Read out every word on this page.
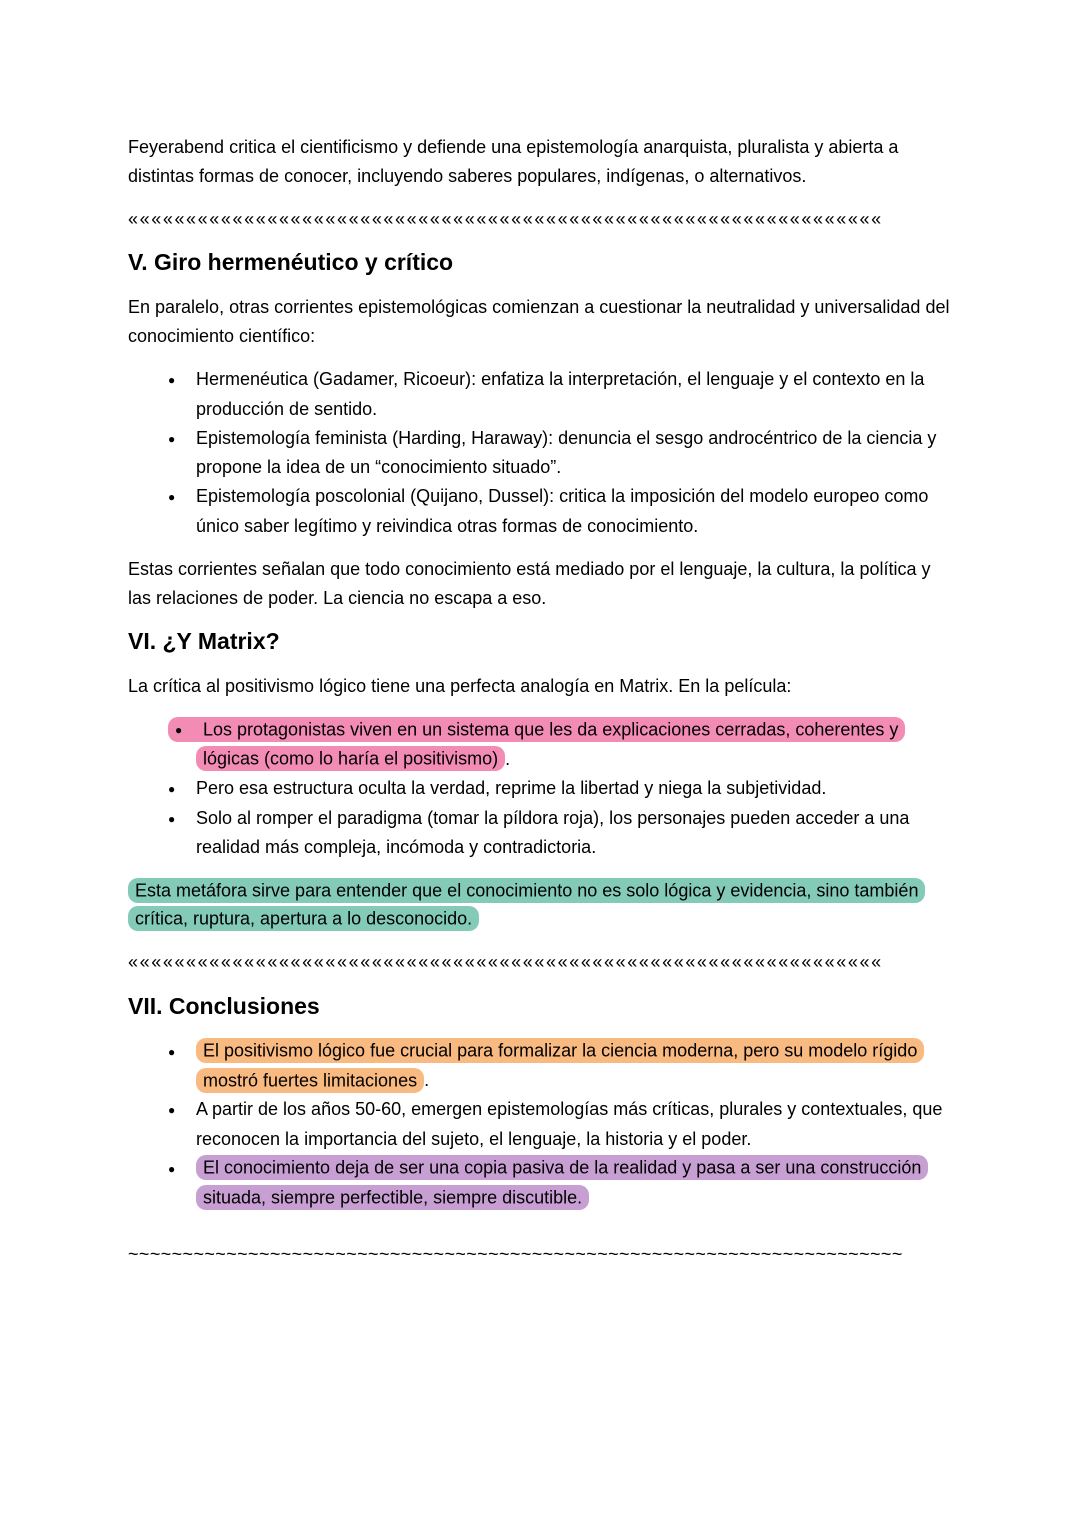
Feyerabend critica el cientificismo y defiende una epistemología anarquista, pluralista y abierta a distintas formas de conocer, incluyendo saberes populares, indígenas, o alternativos.

«««««««««««««««««««««««««««««««««««««««««««««««««««««««««««««««««

V. Giro hermenéutico y crítico

En paralelo, otras corrientes epistemológicas comienzan a cuestionar la neutralidad y universalidad del conocimiento científico:

● Hermenéutica (Gadamer, Ricoeur): enfatiza la interpretación, el lenguaje y el contexto en la producción de sentido.
● Epistemología feminista (Harding, Haraway): denuncia el sesgo androcéntrico de la ciencia y propone la idea de un “conocimiento situado”.
● Epistemología poscolonial (Quijano, Dussel): critica la imposición del modelo europeo como único saber legítimo y reivindica otras formas de conocimiento.

Estas corrientes señalan que todo conocimiento está mediado por el lenguaje, la cultura, la política y las relaciones de poder. La ciencia no escapa a eso.

VI. ¿Y Matrix?

La crítica al positivismo lógico tiene una perfecta analogía en Matrix. En la película:

● Los protagonistas viven en un sistema que les da explicaciones cerradas, coherentes y lógicas (como lo haría el positivismo) .
● Pero esa estructura oculta la verdad, reprime la libertad y niega la subjetividad.
● Solo al romper el paradigma (tomar la píldora roja), los personajes pueden acceder a una realidad más compleja, incómoda y contradictoria.

Esta metáfora sirve para entender que el conocimiento no es solo lógica y evidencia, sino también crítica, ruptura, apertura a lo desconocido.

«««««««««««««««««««««««««««««««««««««««««««««««««««««««««««««««««

VII. Conclusiones
● El positivismo lógico fue crucial para formalizar la ciencia moderna, pero su modelo rígido mostró fuertes limitaciones .
● A partir de los años 50-60, emergen epistemologías más críticas, plurales y contextuales, que reconocen la importancia del sujeto, el lenguaje, la historia y el poder.
● El conocimiento deja de ser una copia pasiva de la realidad y pasa a ser una construcción situada, siempre perfectible, siempre discutible.

~~~~~~~~~~~~~~~~~~~~~~~~~~~~~~~~~~~~~~~~~~~~~~~~~~~~~~~~~~~~~~~~~~~~~~~
